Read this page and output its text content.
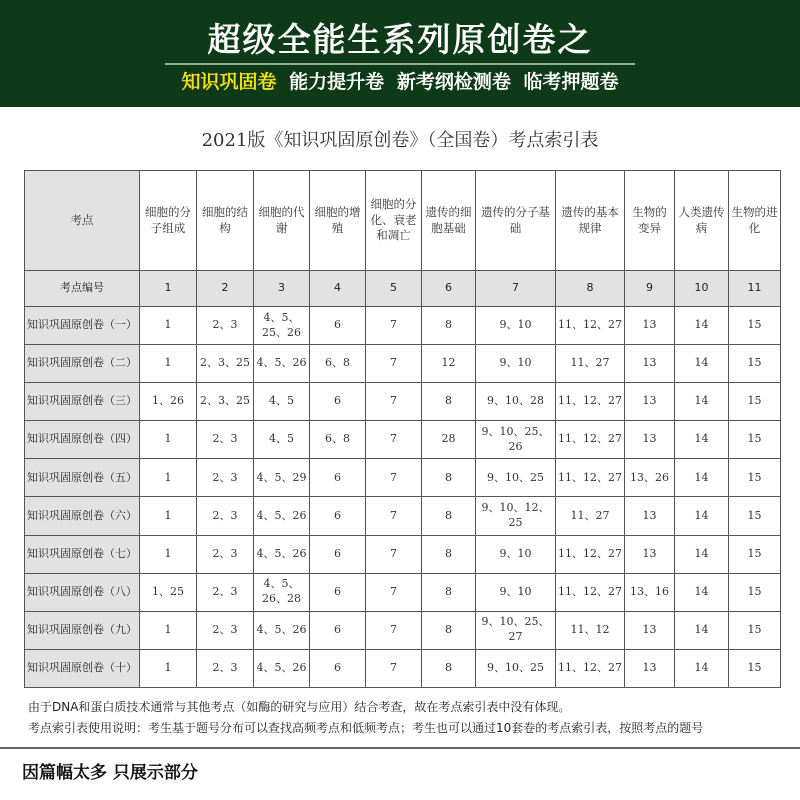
超级全能生系列原创卷之
知识巩固卷 能力提升卷 新考纲检测卷 临考押题卷
2021版《知识巩固原创卷》（全国卷）考点索引表
考点	细胞的分子组成	细胞的结构	细胞的代谢	细胞的增殖	细胞的分化、衰老和凋亡	遗传的细胞基础	遗传的分子基础	遗传的基本规律	生物的变异	人类遗传病	生物的进化
考点编号	1	2	3	4	5	6	7	8	9	10	11
知识巩固原创卷（一）	1	2、3	4、5、25、26	6	7	8	9、10	11、12、27	13	14	15
知识巩固原创卷（二）	1	2、3、25	4、5、26	6、8	7	12	9、10	11、27	13	14	15
知识巩固原创卷（三）	1、26	2、3、25	4、5	6	7	8	9、10、28	11、12、27	13	14	15
知识巩固原创卷（四）	1	2、3	4、5	6、8	7	28	9、10、25、26	11、12、27	13	14	15
知识巩固原创卷（五）	1	2、3	4、5、29	6	7	8	9、10、25	11、12、27	13、26	14	15
知识巩固原创卷（六）	1	2、3	4、5、26	6	7	8	9、10、12、25	11、27	13	14	15
知识巩固原创卷（七）	1	2、3	4、5、26	6	7	8	9、10	11、12、27	13	14	15
知识巩固原创卷（八）	1、25	2、3	4、5、26、28	6	7	8	9、10	11、12、27	13、16	14	15
知识巩固原创卷（九）	1	2、3	4、5、26	6	7	8	9、10、25、27	11、12	13	14	15
知识巩固原创卷（十）	1	2、3	4、5、26	6	7	8	9、10、25	11、12、27	13	14	15
由于DNA和蛋白质技术通常与其他考点（如酶的研究与应用）结合考查，故在考点索引表中没有体现。
考点索引表使用说明：考生基于题号分布可以查找高频考点和低频考点；考生也可以通过10套卷的考点索引表，按照考点的题号
因篇幅太多 只展示部分
